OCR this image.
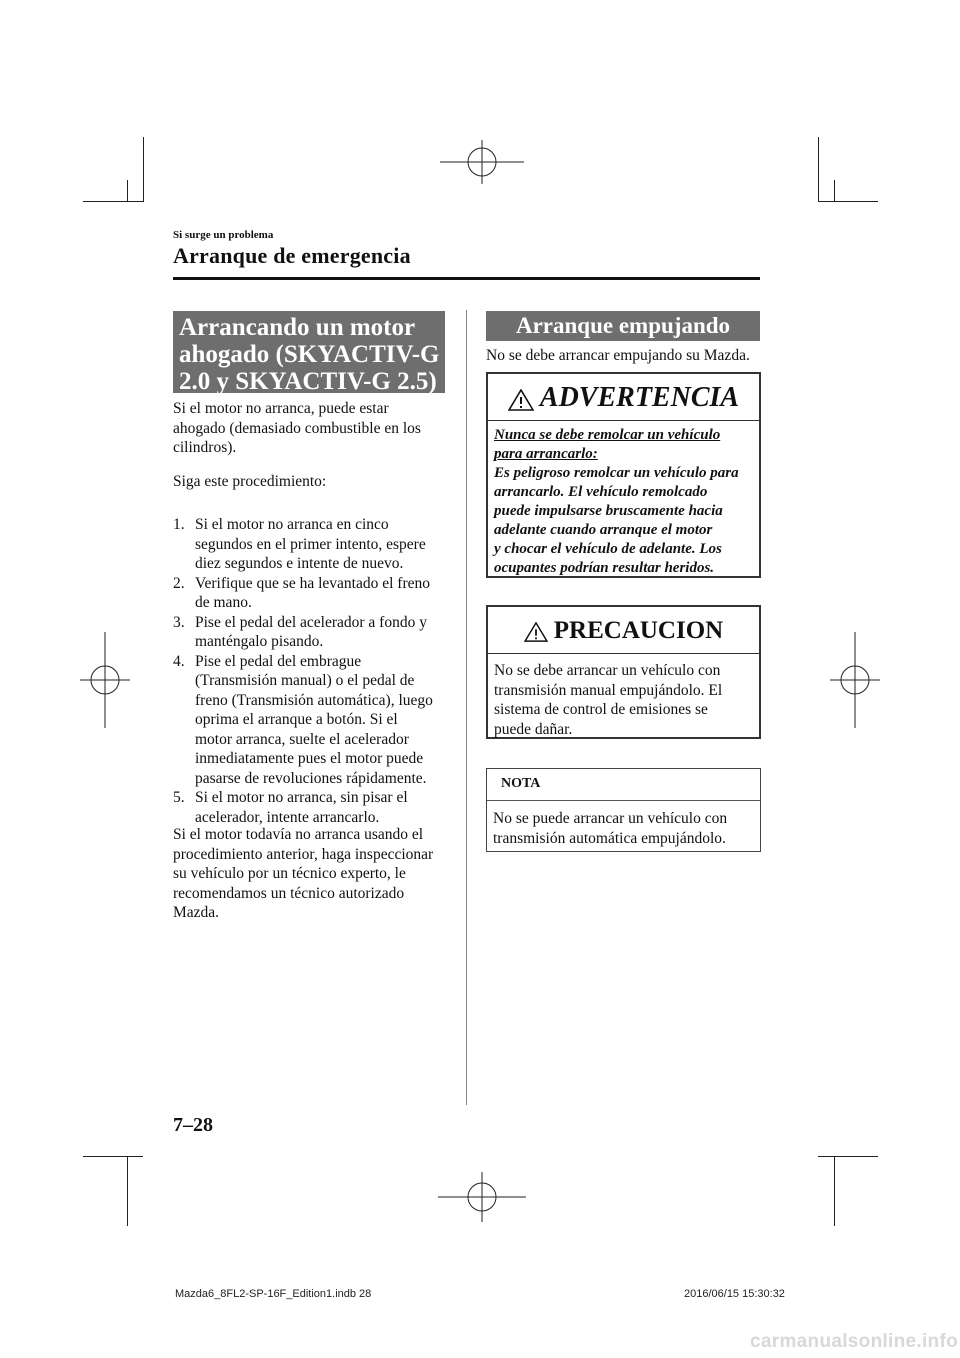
Si surge un problema
Arranque de emergencia
Arrancando un motor
ahogado (SKYACTIV-G
2.0 y SKYACTIV-G 2.5)
Si el motor no arranca, puede estar
ahogado (demasiado combustible en los
cilindros).
Siga este procedimiento:
1. Si el motor no arranca en cinco
segundos en el primer intento, espere
diez segundos e intente de nuevo.
2. Verifique que se ha levantado el freno
de mano.
3. Pise el pedal del acelerador a fondo y
manténgalo pisando.
4. Pise el pedal del embrague
(Transmisión manual) o el pedal de
freno (Transmisión automática), luego
oprima el arranque a botón. Si el
motor arranca, suelte el acelerador
inmediatamente pues el motor puede
pasarse de revoluciones rápidamente.
5. Si el motor no arranca, sin pisar el
acelerador, intente arrancarlo.
Si el motor todavía no arranca usando el
procedimiento anterior, haga inspeccionar
su vehículo por un técnico experto, le
recomendamos un técnico autorizado
Mazda.
Arranque empujando
No se debe arrancar empujando su Mazda.
ADVERTENCIA
Nunca se debe remolcar un vehículo
para arrancarlo:
Es peligroso remolcar un vehículo para
arrancarlo. El vehículo remolcado
puede impulsarse bruscamente hacia
adelante cuando arranque el motor
y chocar el vehículo de adelante. Los
ocupantes podrían resultar heridos.
PRECAUCION
No se debe arrancar un vehículo con
transmisión manual empujándolo. El
sistema de control de emisiones se
puede dañar.
NOTA
No se puede arrancar un vehículo con
transmisión automática empujándolo.
7–28
Mazda6_8FL2-SP-16F_Edition1.indb 28	2016/06/15 15:30:32
carmanualsonline.info
